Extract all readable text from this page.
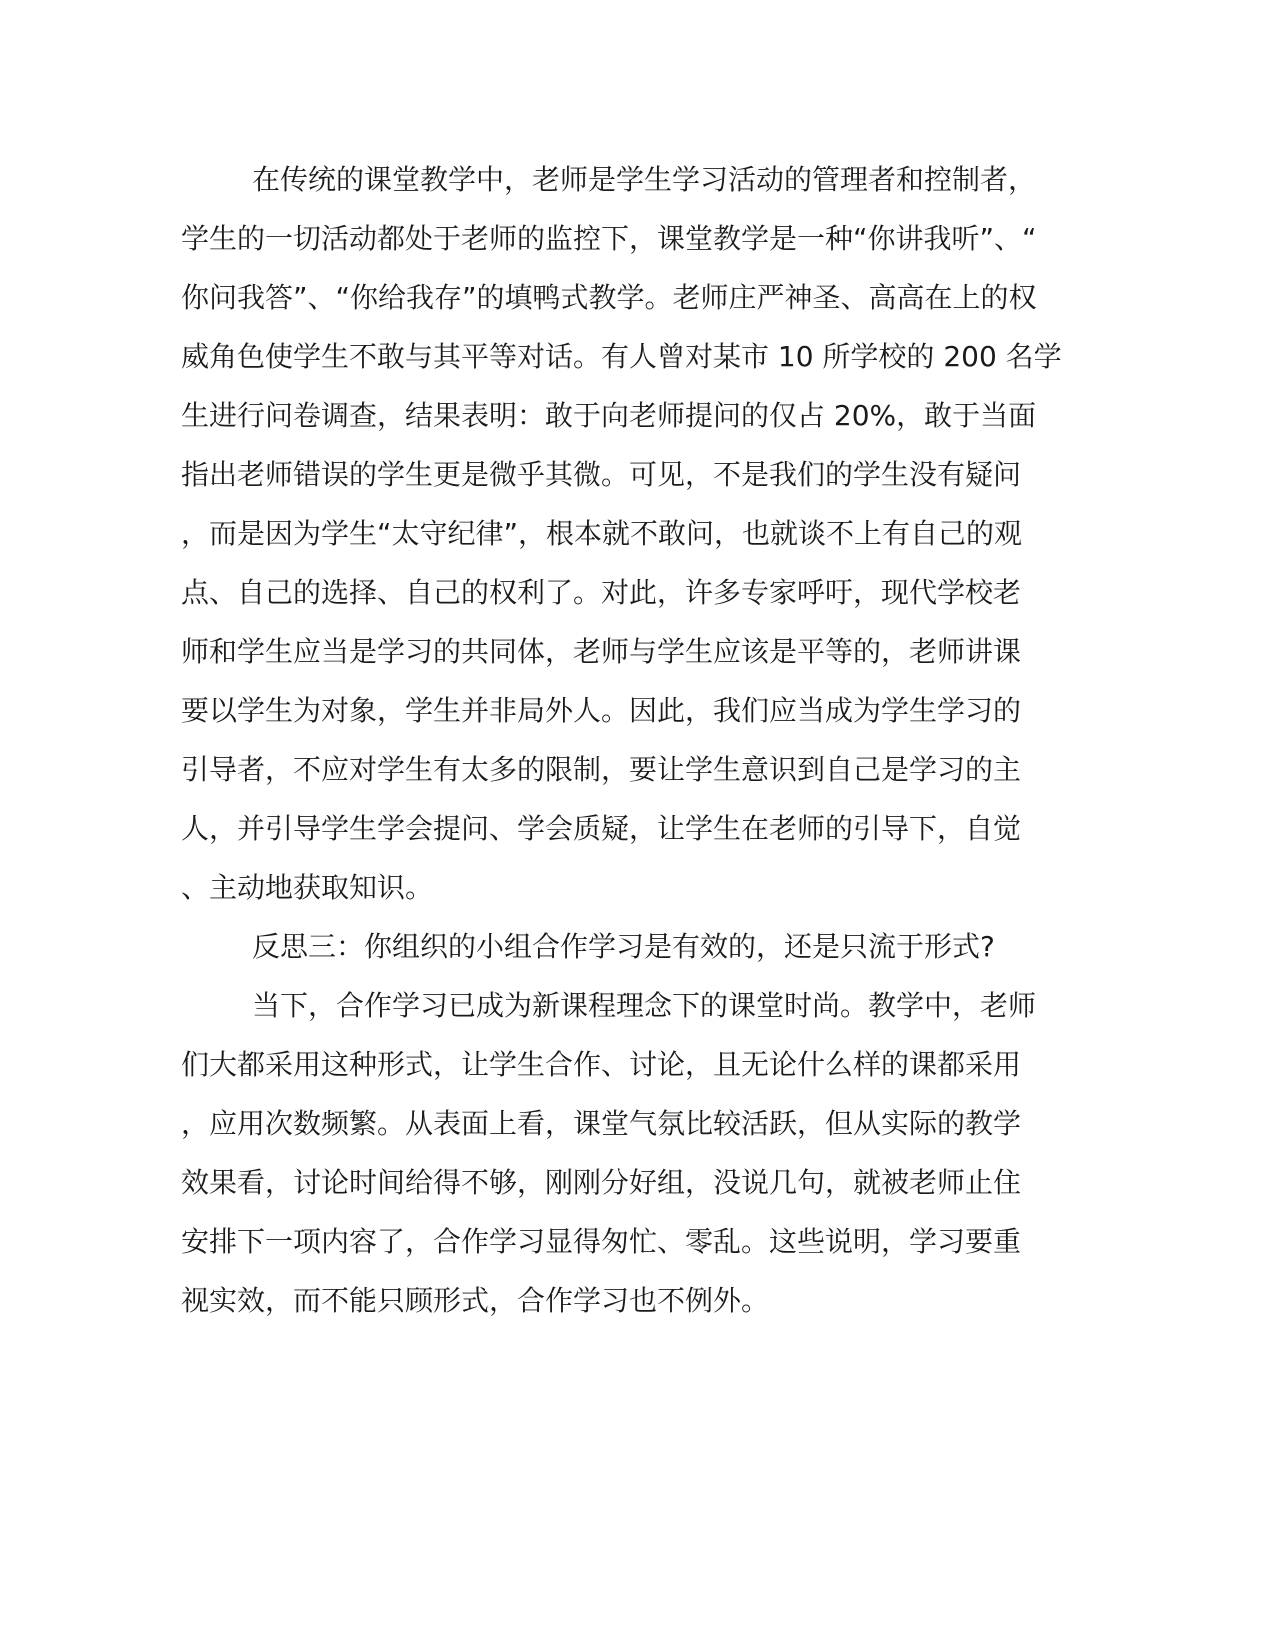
在传统的课堂教学中，老师是学生学习活动的管理者和控制者，

学生的一切活动都处于老师的监控下，课堂教学是一种“你讲我听”、“

你问我答”、“你给我存”的填鸭式教学。老师庄严神圣、高高在上的权

威角色使学生不敢与其平等对话。有人曾对某市 10 所学校的 200 名学

生进行问卷调查，结果表明：敢于向老师提问的仅占 20%，敢于当面

指出老师错误的学生更是微乎其微。可见，不是我们的学生没有疑问

，而是因为学生“太守纪律”，根本就不敢问，也就谈不上有自己的观

点、自己的选择、自己的权利了。对此，许多专家呼吁，现代学校老

师和学生应当是学习的共同体，老师与学生应该是平等的，老师讲课

要以学生为对象，学生并非局外人。因此，我们应当成为学生学习的

引导者，不应对学生有太多的限制，要让学生意识到自己是学习的主

人，并引导学生学会提问、学会质疑，让学生在老师的引导下，自觉

、主动地获取知识。

反思三：你组织的小组合作学习是有效的，还是只流于形式?

当下，合作学习已成为新课程理念下的课堂时尚。教学中，老师

们大都采用这种形式，让学生合作、讨论，且无论什么样的课都采用

，应用次数频繁。从表面上看，课堂气氛比较活跃，但从实际的教学

效果看，讨论时间给得不够，刚刚分好组，没说几句，就被老师止住

安排下一项内容了，合作学习显得匆忙、零乱。这些说明，学习要重

视实效，而不能只顾形式，合作学习也不例外。
